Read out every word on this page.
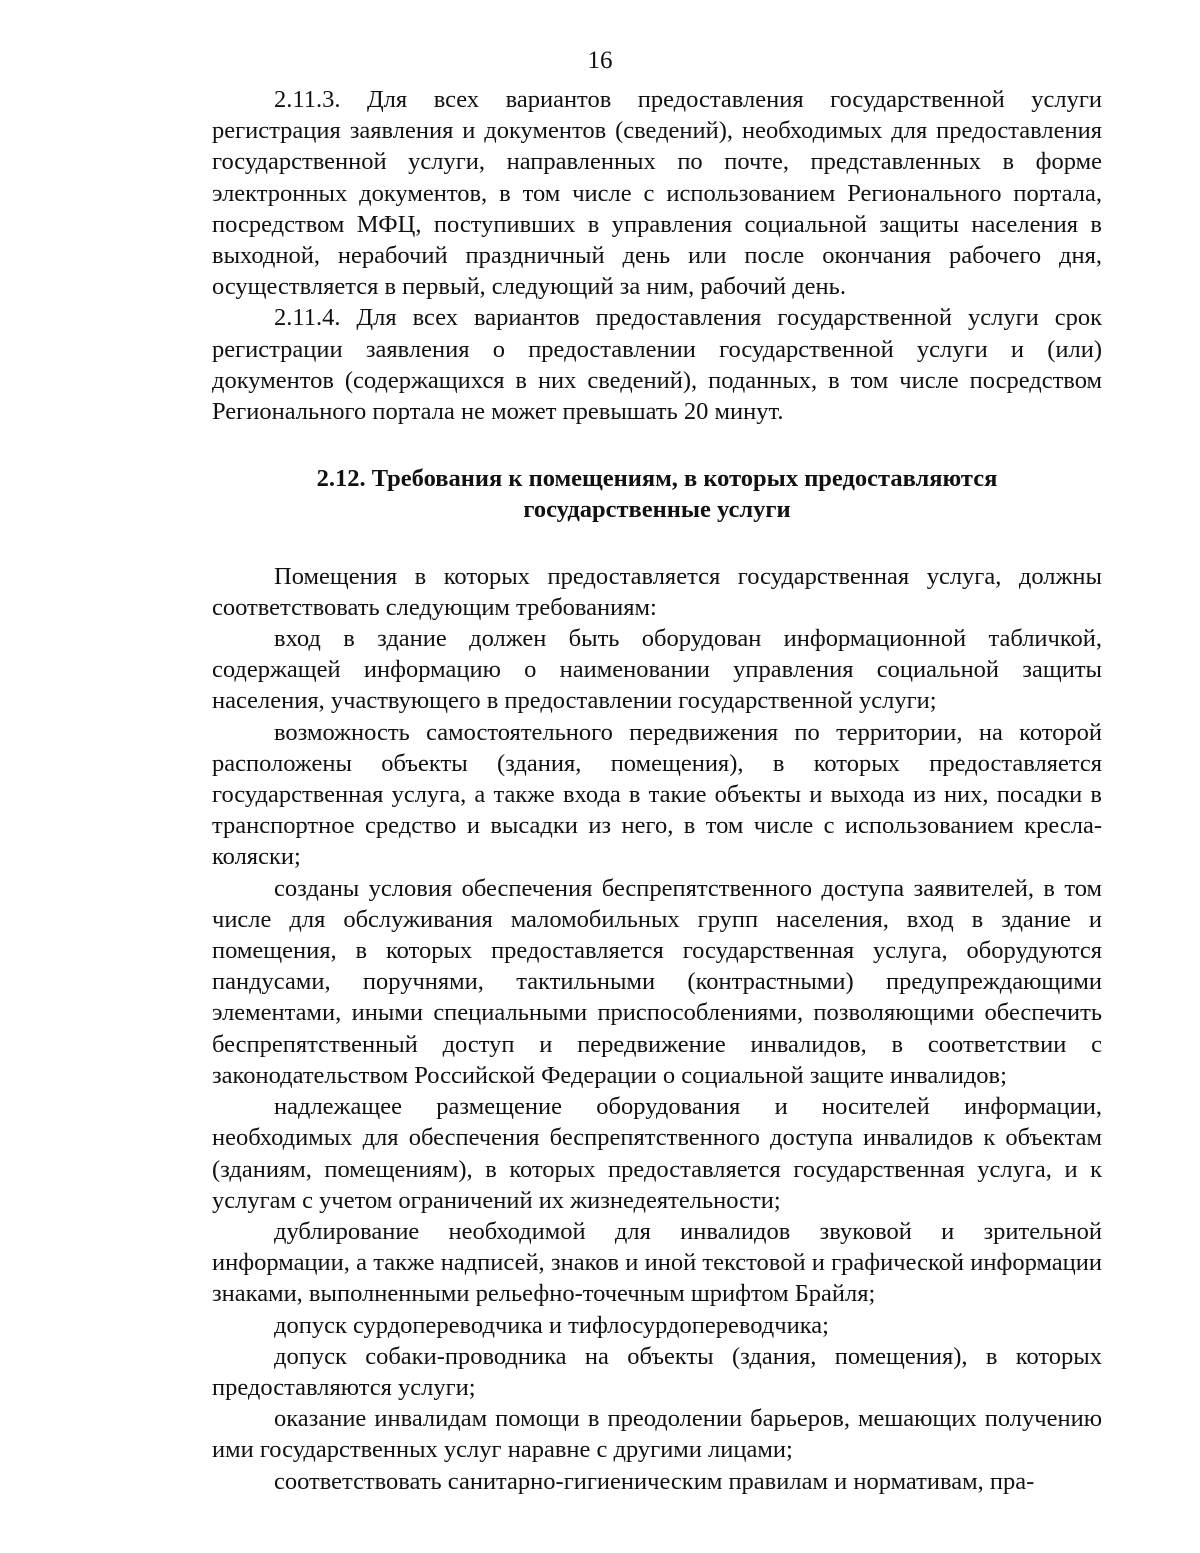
16

2.11.3. Для всех вариантов предоставления государственной услуги регистрация заявления и документов (сведений), необходимых для предоставления государственной услуги, направленных по почте, представленных в форме электронных документов, в том числе с использованием Регионального портала, посредством МФЦ, поступивших в управления социальной защиты населения в выходной, нерабочий праздничный день или после окончания рабочего дня, осуществляется в первый, следующий за ним, рабочий день.

2.11.4. Для всех вариантов предоставления государственной услуги срок регистрации заявления о предоставлении государственной услуги и (или) документов (содержащихся в них сведений), поданных, в том числе посредством Регионального портала не может превышать 20 минут.

2.12. Требования к помещениям, в которых предоставляются
государственные услуги

Помещения в которых предоставляется государственная услуга, должны соответствовать следующим требованиям:

вход в здание должен быть оборудован информационной табличкой, содержащей информацию о наименовании управления социальной защиты населения, участвующего в предоставлении государственной услуги;

возможность самостоятельного передвижения по территории, на которой расположены объекты (здания, помещения), в которых предоставляется государственная услуга, а также входа в такие объекты и выхода из них, посадки в транспортное средство и высадки из него, в том числе с использованием кресла-коляски;

созданы условия обеспечения беспрепятственного доступа заявителей, в том числе для обслуживания маломобильных групп населения, вход в здание и помещения, в которых предоставляется государственная услуга, оборудуются пандусами, поручнями, тактильными (контрастными) предупреждающими элементами, иными специальными приспособлениями, позволяющими обеспечить беспрепятственный доступ и передвижение инвалидов, в соответствии с законодательством Российской Федерации о социальной защите инвалидов;

надлежащее размещение оборудования и носителей информации, необходимых для обеспечения беспрепятственного доступа инвалидов к объектам (зданиям, помещениям), в которых предоставляется государственная услуга, и к услугам с учетом ограничений их жизнедеятельности;

дублирование необходимой для инвалидов звуковой и зрительной информации, а также надписей, знаков и иной текстовой и графической информации знаками, выполненными рельефно-точечным шрифтом Брайля;

допуск сурдопереводчика и тифлосурдопереводчика;

допуск собаки-проводника на объекты (здания, помещения), в которых предоставляются услуги;

оказание инвалидам помощи в преодолении барьеров, мешающих получению ими государственных услуг наравне с другими лицами;

соответствовать санитарно-гигиеническим правилам и нормативам, пра-
